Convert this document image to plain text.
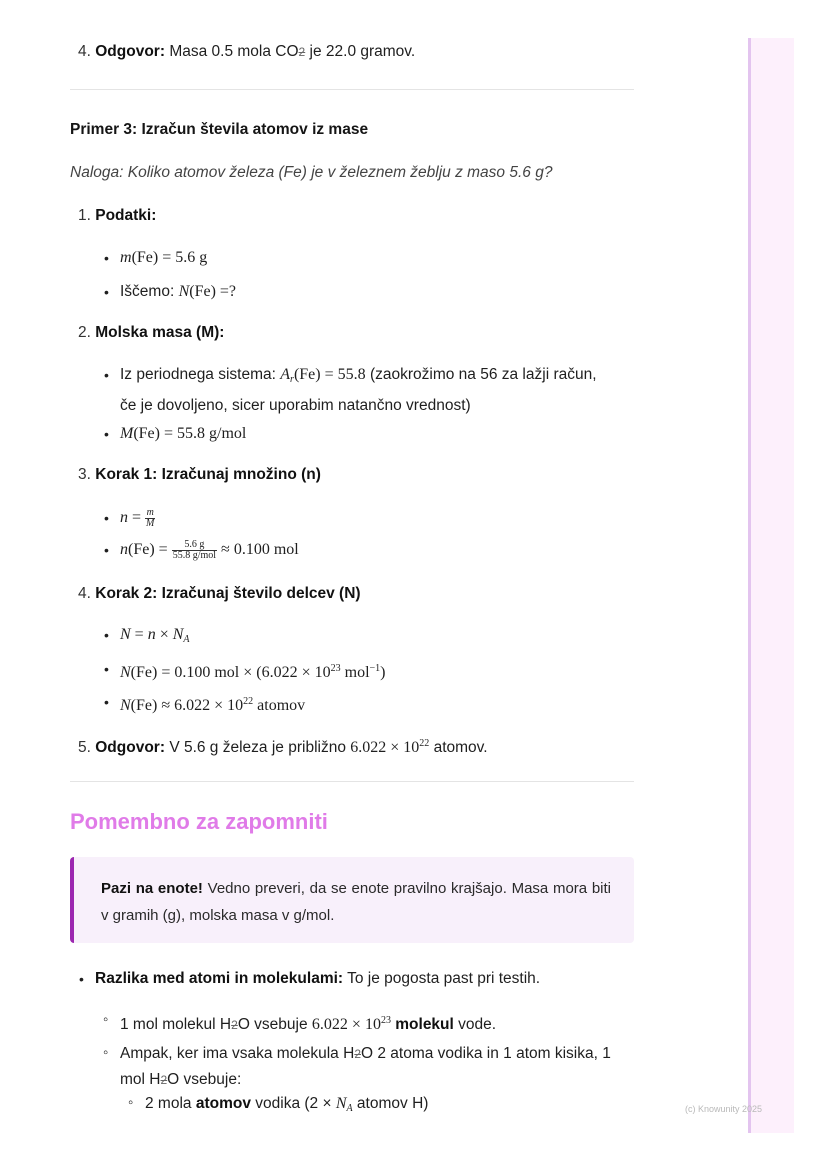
4. Odgovor: Masa 0.5 mola CO2 je 22.0 gramov.
Primer 3: Izračun števila atomov iz mase
Naloga: Koliko atomov železa (Fe) je v železnem žeblju z maso 5.6 g?
1. Podatki:
• m(Fe) = 5.6 g
• Iščemo: N(Fe) =?
2. Molska masa (M):
• Iz periodnega sistema: $A_r(Fe) = 55.8$ (zaokrožimo na 56 za lažji račun,
če je dovoljeno, sicer uporabim natančno vrednost)
• M(Fe) = 55.8 g/mol
3. Korak 1: Izračunaj množino (n)
• $n = \frac{m}{M}$
• $n(Fe) = \frac{5.6 g}{\text{55.8 g/mol}} \approx 0.100$ mol
4. Korak 2: Izračunaj število delcev (N)
• $N = n \times N_A$
• N(Fe) = 0.100 mol × ($6.022 \times 10^{23}$ mol$^{-1}$)
• $N(Fe) \approx 6.022 \times 10^{22}$ atomov
5. Odgovor: V 5.6 g železa je približno $6.022 \times 10^{22}$ atomov.
Pomembno za zapomniti
Pazi na enote! Vedno preveri, da se enote pravilno krajšajo. Masa mora biti v gramih (g), molska masa v g/mol.
• Razlika med atomi in molekulami: To je pogosta past pri testih.
◦ 1 mol molekul H2O vsebuje $6.022 \times 10^{23}$ molekul vode.
◦ Ampak, ker ima vsaka molekula H2O 2 atoma vodika in 1 atom kisika, 1
mol H2O vsebuje:
◦ 2 mola atomov vodika ($2 \times N_A$ atomov H)	(c) Knowunity 2025
